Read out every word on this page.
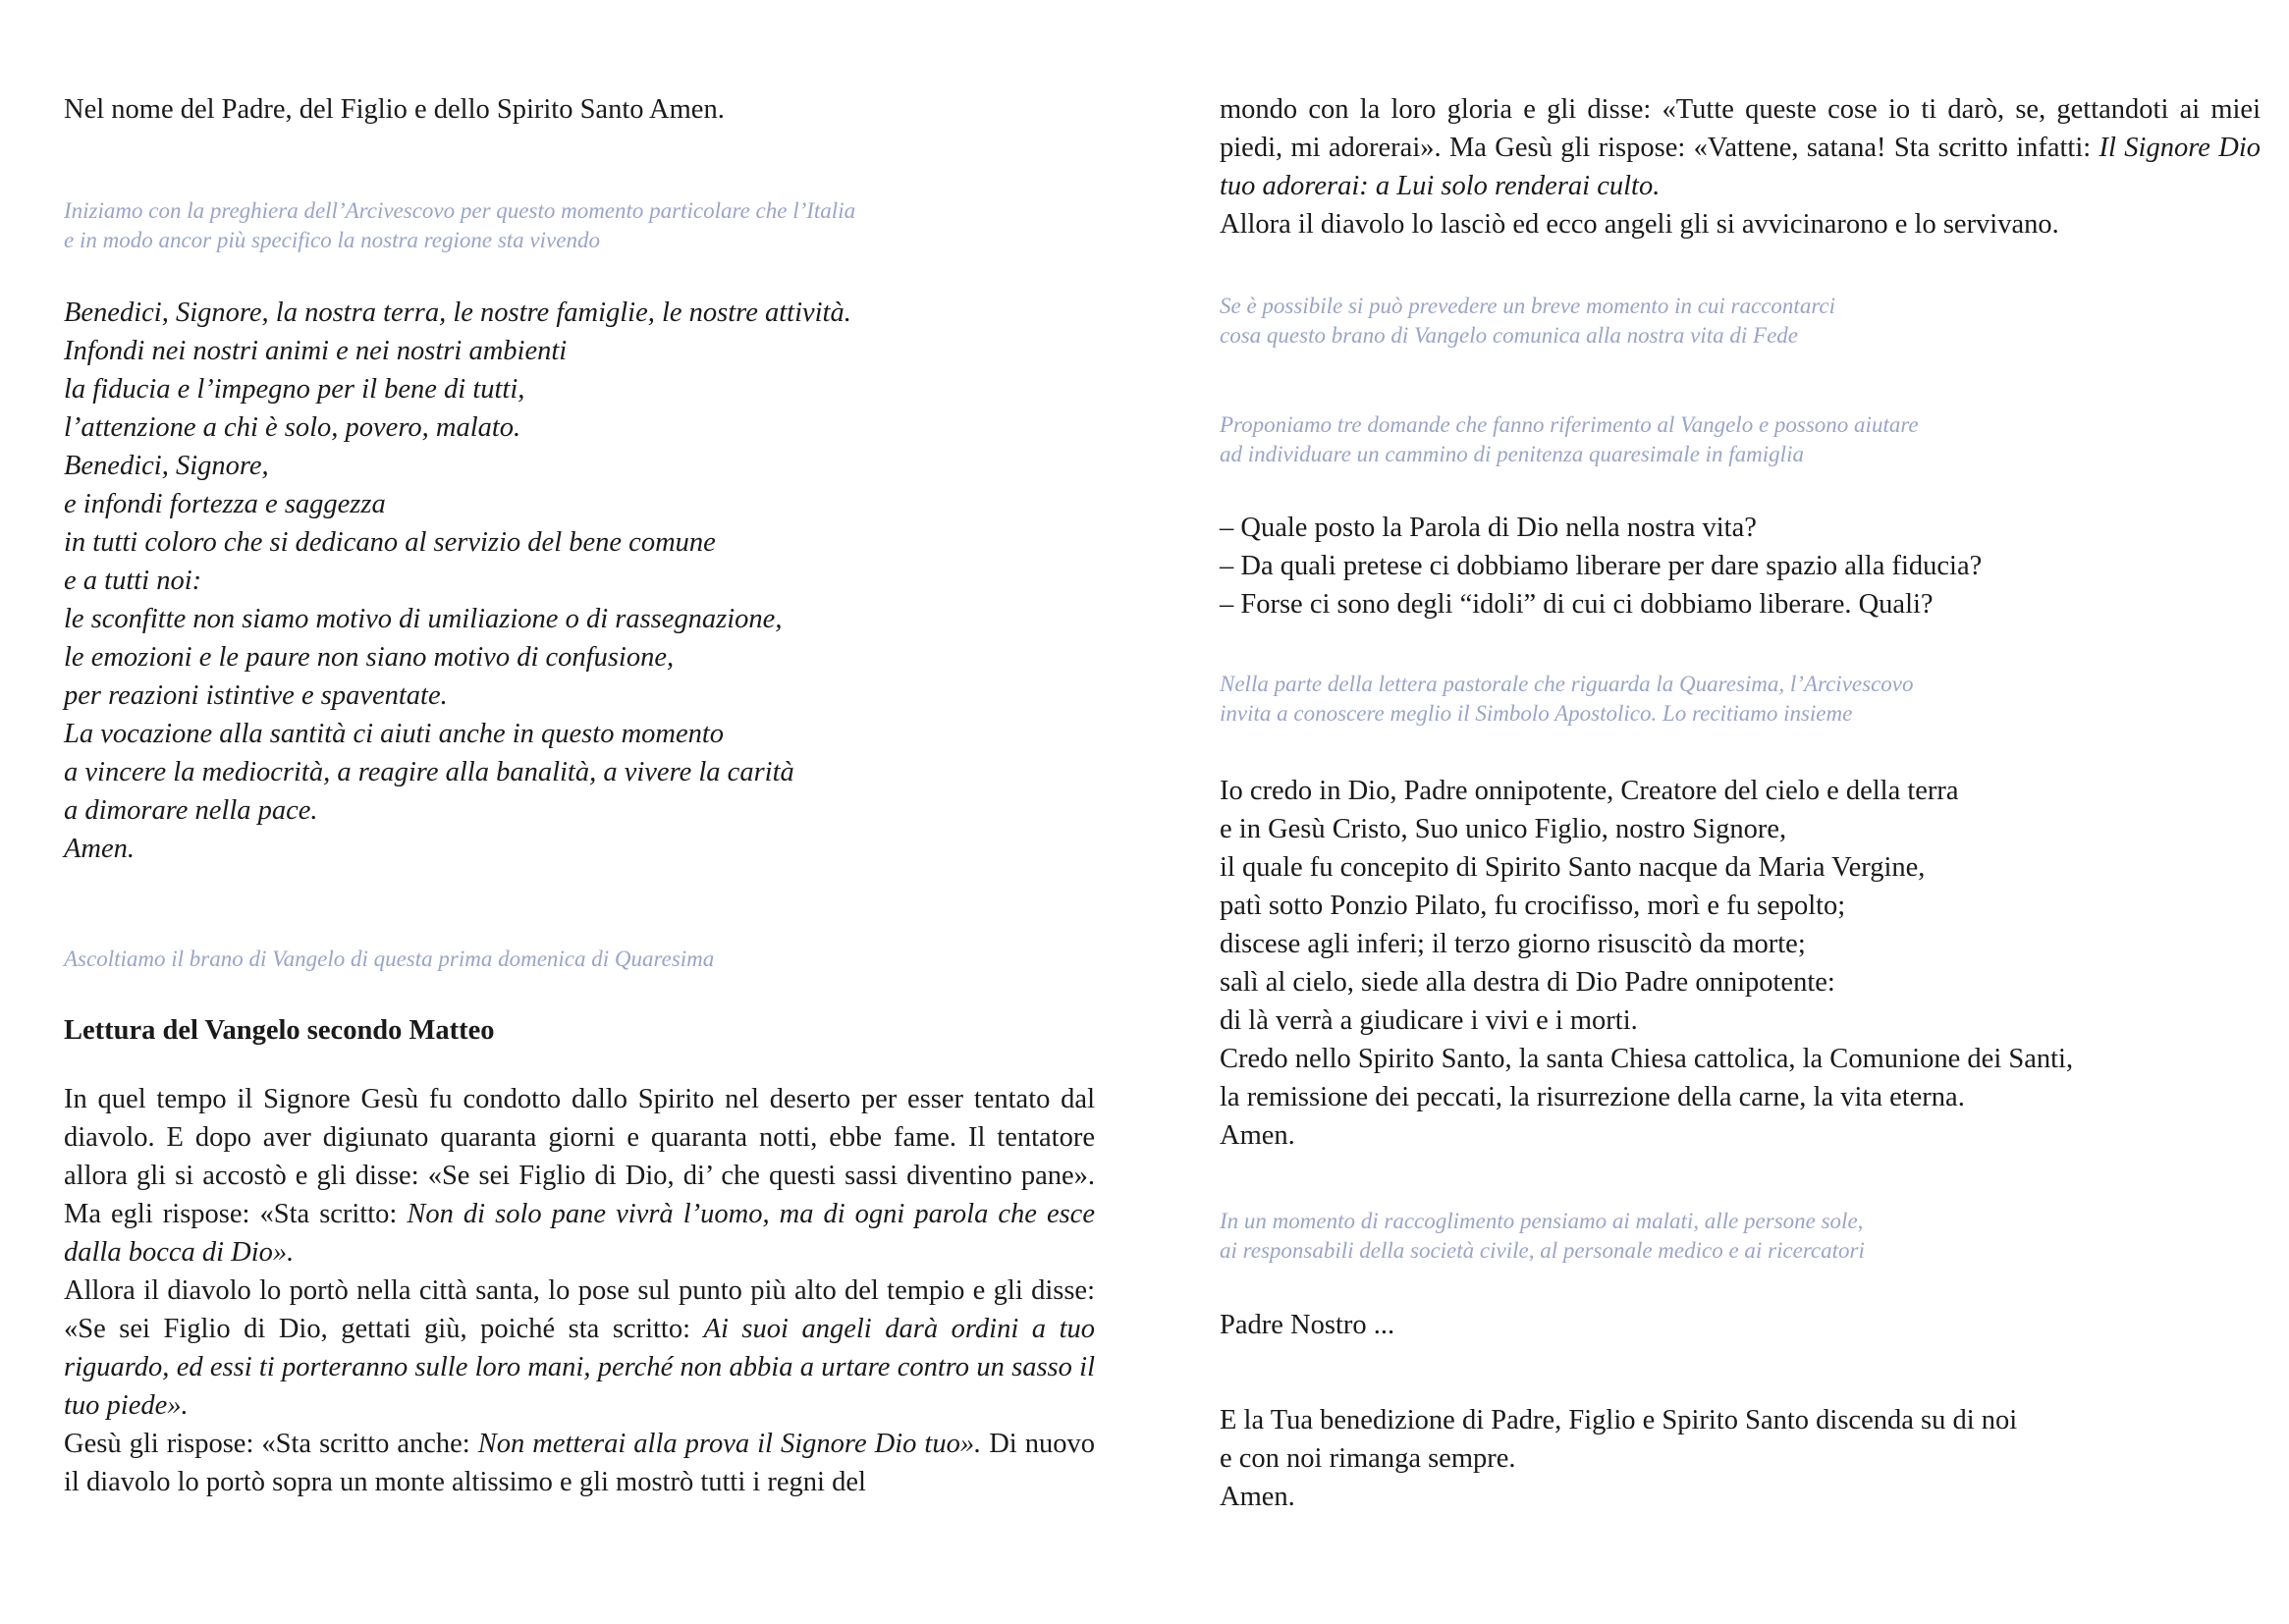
Nel nome del Padre, del Figlio e dello Spirito Santo Amen.

Iniziamo con la preghiera dell’Arcivescovo per questo momento particolare che l’Italia
e in modo ancor più specifico la nostra regione sta vivendo
Benedici, Signore, la nostra terra, le nostre famiglie, le nostre attività.
Infondi nei nostri animi e nei nostri ambienti
la fiducia e l’impegno per il bene di tutti,
l’attenzione a chi è solo, povero, malato.
Benedici, Signore,
e infondi fortezza e saggezza
in tutti coloro che si dedicano al servizio del bene comune
e a tutti noi:
le sconfitte non siamo motivo di umiliazione o di rassegnazione,
le emozioni e le paure non siano motivo di confusione,
per reazioni istintive e spaventate.
La vocazione alla santità ci aiuti anche in questo momento
a vincere la mediocrità, a reagire alla banalità, a vivere la carità
a dimorare nella pace.
Amen.

Ascoltiamo il brano di Vangelo di questa prima domenica di Quaresima

Lettura del Vangelo secondo Matteo

In quel tempo il Signore Gesù fu condotto dallo Spirito nel deserto per esser tentato dal diavolo. E dopo aver digiunato quaranta giorni e quaranta notti, ebbe fame. Il tentatore allora gli si accostò e gli disse: «Se sei Figlio di Dio, di’ che questi sassi diventino pane». Ma egli rispose: «Sta scritto: Non di solo pane vivrà l’uomo, ma di ogni parola che esce dalla bocca di Dio».
Allora il diavolo lo portò nella città santa, lo pose sul punto più alto del tempio e gli disse: «Se sei Figlio di Dio, gettati giù, poiché sta scritto: Ai suoi angeli darà ordini a tuo riguardo, ed essi ti porteranno sulle loro mani, perché non abbia a urtare contro un sasso il tuo piede».
Gesù gli rispose: «Sta scritto anche: Non metterai alla prova il Signore Dio tuo». Di nuovo il diavolo lo portò sopra un monte altissimo e gli mostrò tutti i regni del
mondo con la loro gloria e gli disse: «Tutte queste cose io ti darò, se, gettandoti ai miei piedi, mi adorerai». Ma Gesù gli rispose: «Vattene, satana! Sta scritto infatti: Il Signore Dio tuo adorerai: a Lui solo renderai culto.
Allora il diavolo lo lasciò ed ecco angeli gli si avvicinarono e lo servivano.
Se è possibile si può prevedere un breve momento in cui raccontarci
cosa questo brano di Vangelo comunica alla nostra vita di Fede
Proponiamo tre domande che fanno riferimento al Vangelo e possono aiutare
ad individuare un cammino di penitenza quaresimale in famiglia
– Quale posto la Parola di Dio nella nostra vita?
– Da quali pretese ci dobbiamo liberare per dare spazio alla fiducia?
– Forse ci sono degli “idoli” di cui ci dobbiamo liberare. Quali?
Nella parte della lettera pastorale che riguarda la Quaresima, l’Arcivescovo
invita a conoscere meglio il Simbolo Apostolico. Lo recitiamo insieme
Io credo in Dio, Padre onnipotente, Creatore del cielo e della terra
e in Gesù Cristo, Suo unico Figlio, nostro Signore,
il quale fu concepito di Spirito Santo nacque da Maria Vergine,
patì sotto Ponzio Pilato, fu crocifisso, morì e fu sepolto;
discese agli inferi; il terzo giorno risuscitò da morte;
salì al cielo, siede alla destra di Dio Padre onnipotente:
di là verrà a giudicare i vivi e i morti.
Credo nello Spirito Santo, la santa Chiesa cattolica, la Comunione dei Santi,
la remissione dei peccati, la risurrezione della carne, la vita eterna.
Amen.
In un momento di raccoglimento pensiamo ai malati, alle persone sole,
ai responsabili della società civile, al personale medico e ai ricercatori

Padre Nostro ...

E la Tua benedizione di Padre, Figlio e Spirito Santo discenda su di noi
e con noi rimanga sempre.
Amen.
